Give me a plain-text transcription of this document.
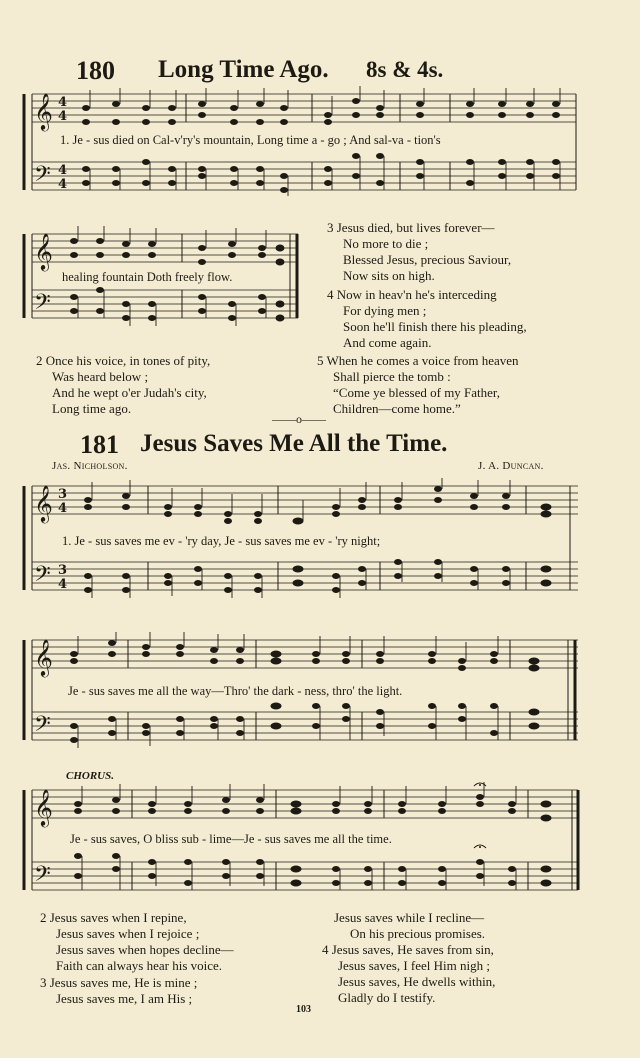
180 Long Time Ago. 8s & 4s.
𝄞
𝄢
4
4
4
4
1. Je - sus died on Cal-v'ry's mountain, Long time a - go ; And sal-va - tion's
𝄞
𝄢
healing fountain Doth freely flow.
3 Jesus died, but lives forever—
No more to die ;
Blessed Jesus, precious Saviour,
Now sits on high.
4 Now in heav'n he's interceding
For dying men ;
Soon he'll finish there his pleading,
And come again.
2 Once his voice, in tones of pity,
Was heard below ;
And he wept o'er Judah's city,
Long time ago.
5 When he comes a voice from heaven
Shall pierce the tomb :
“Come ye blessed of my Father,
Children—come home.”
——o——
181 Jesus Saves Me All the Time.
Jas. Nicholson.	J. A. Duncan.
𝄞
𝄢
3
4
3
4
1. Je - sus saves me ev - 'ry day, Je - sus saves me ev - 'ry night;
𝄞
𝄢
Je - sus saves me all the way—Thro' the dark - ness, thro' the light.
CHORUS.
𝄞
𝄢
Je - sus saves, O bliss sub - lime—Je - sus saves me all the time.
2 Jesus saves when I repine,
Jesus saves when I rejoice ;
Jesus saves when hopes decline—
Faith can always hear his voice.
3 Jesus saves me, He is mine ;
Jesus saves me, I am His ;
Jesus saves while I recline—
On his precious promises.
4 Jesus saves, He saves from sin,
Jesus saves, I feel Him nigh ;
Jesus saves, He dwells within,
Gladly do I testify.
103
